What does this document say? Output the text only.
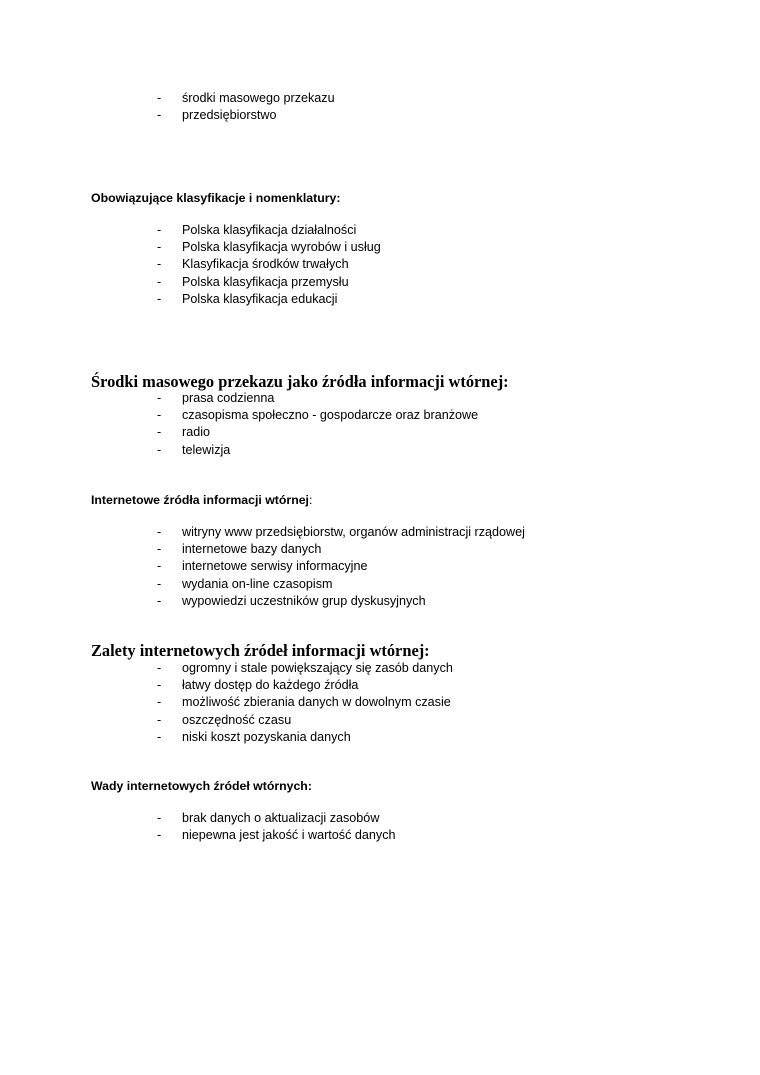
- środki masowego przekazu
- przedsiębiorstwo
Obowiązujące klasyfikacje i nomenklatury:
- Polska klasyfikacja działalności
- Polska klasyfikacja wyrobów i usług
- Klasyfikacja środków trwałych
- Polska klasyfikacja przemysłu
- Polska klasyfikacja edukacji
Środki masowego przekazu jako źródła informacji wtórnej:
- prasa codzienna
- czasopisma społeczno - gospodarcze oraz branżowe
- radio
- telewizja
Internetowe źródła informacji wtórnej:
- witryny www przedsiębiorstw, organów administracji rządowej
- internetowe bazy danych
- internetowe serwisy informacyjne
- wydania on-line czasopism
- wypowiedzi uczestników grup dyskusyjnych
Zalety internetowych źródeł informacji wtórnej:
- ogromny i stale powiększający się zasób danych
- łatwy dostęp do każdego źródła
- możliwość zbierania danych w dowolnym czasie
- oszczędność czasu
- niski koszt pozyskania danych
Wady internetowych źródeł wtórnych:
- brak danych o aktualizacji zasobów
- niepewna jest jakość i wartość danych
